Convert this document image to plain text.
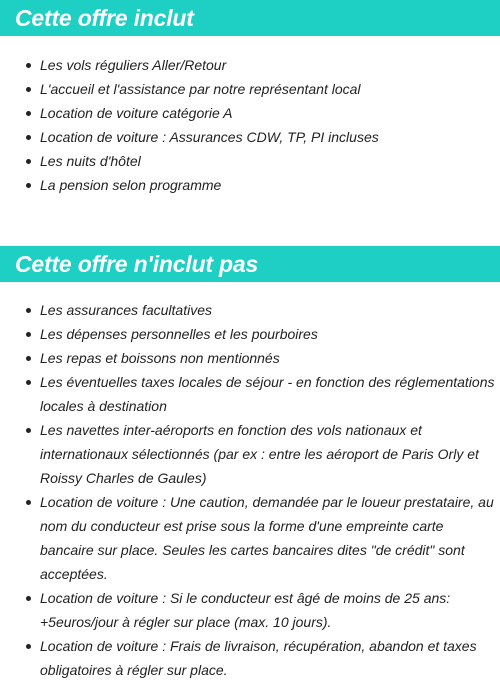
Cette offre inclut
Les vols réguliers Aller/Retour
L'accueil et l'assistance par notre représentant local
Location de voiture catégorie A
Location de voiture : Assurances CDW, TP, PI incluses
Les nuits d'hôtel
La pension selon programme
Cette offre n'inclut pas
Les assurances facultatives
Les dépenses personnelles et les pourboires
Les repas et boissons non mentionnés
Les éventuelles taxes locales de séjour - en fonction des réglementations locales à destination
Les navettes inter-aéroports en fonction des vols nationaux et internationaux sélectionnés (par ex : entre les aéroport de Paris Orly et Roissy Charles de Gaules)
Location de voiture : Une caution, demandée par le loueur prestataire, au nom du conducteur est prise sous la forme d'une empreinte carte bancaire sur place. Seules les cartes bancaires dites "de crédit" sont acceptées.
Location de voiture : Si le conducteur est âgé de moins de 25 ans: +5euros/jour à régler sur place (max. 10 jours).
Location de voiture : Frais de livraison, récupération, abandon et taxes obligatoires à régler sur place.
